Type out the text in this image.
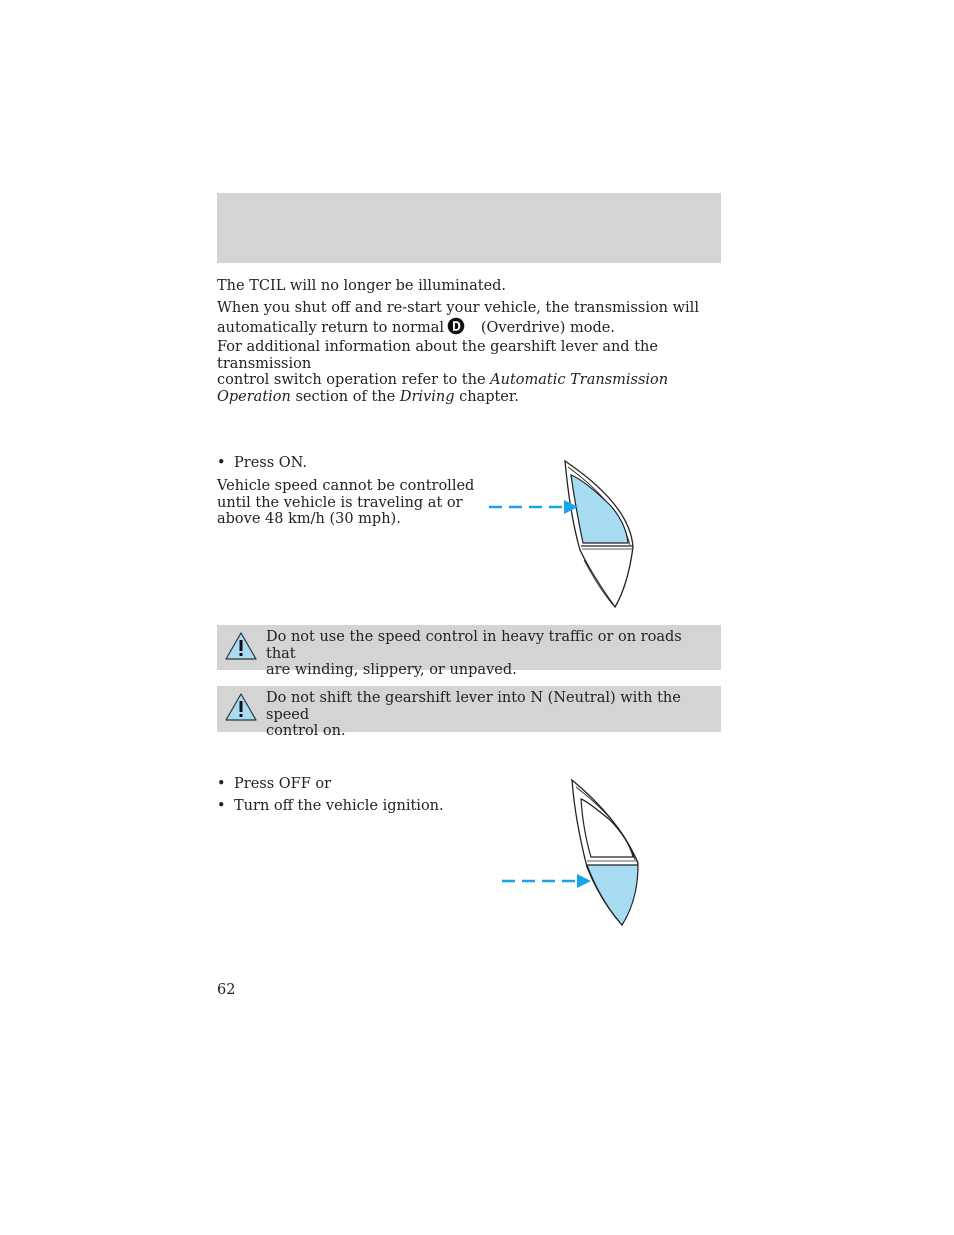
The TCIL will no longer be illuminated.

When you shut off and re-start your vehicle, the transmission will
automatically return to normal	(Overdrive) mode.

For additional information about the gearshift lever and the transmission
control switch operation refer to the Automatic Transmission
Operation section of the Driving chapter.

• Press ON.

Vehicle speed cannot be controlled
until the vehicle is traveling at or
above 48 km/h (30 mph).

Do not use the speed control in heavy traffic or on roads that
are winding, slippery, or unpaved.
Do not shift the gearshift lever into N (Neutral) with the speed
control on.
• Press OFF or
• Turn off the vehicle ignition.
62
